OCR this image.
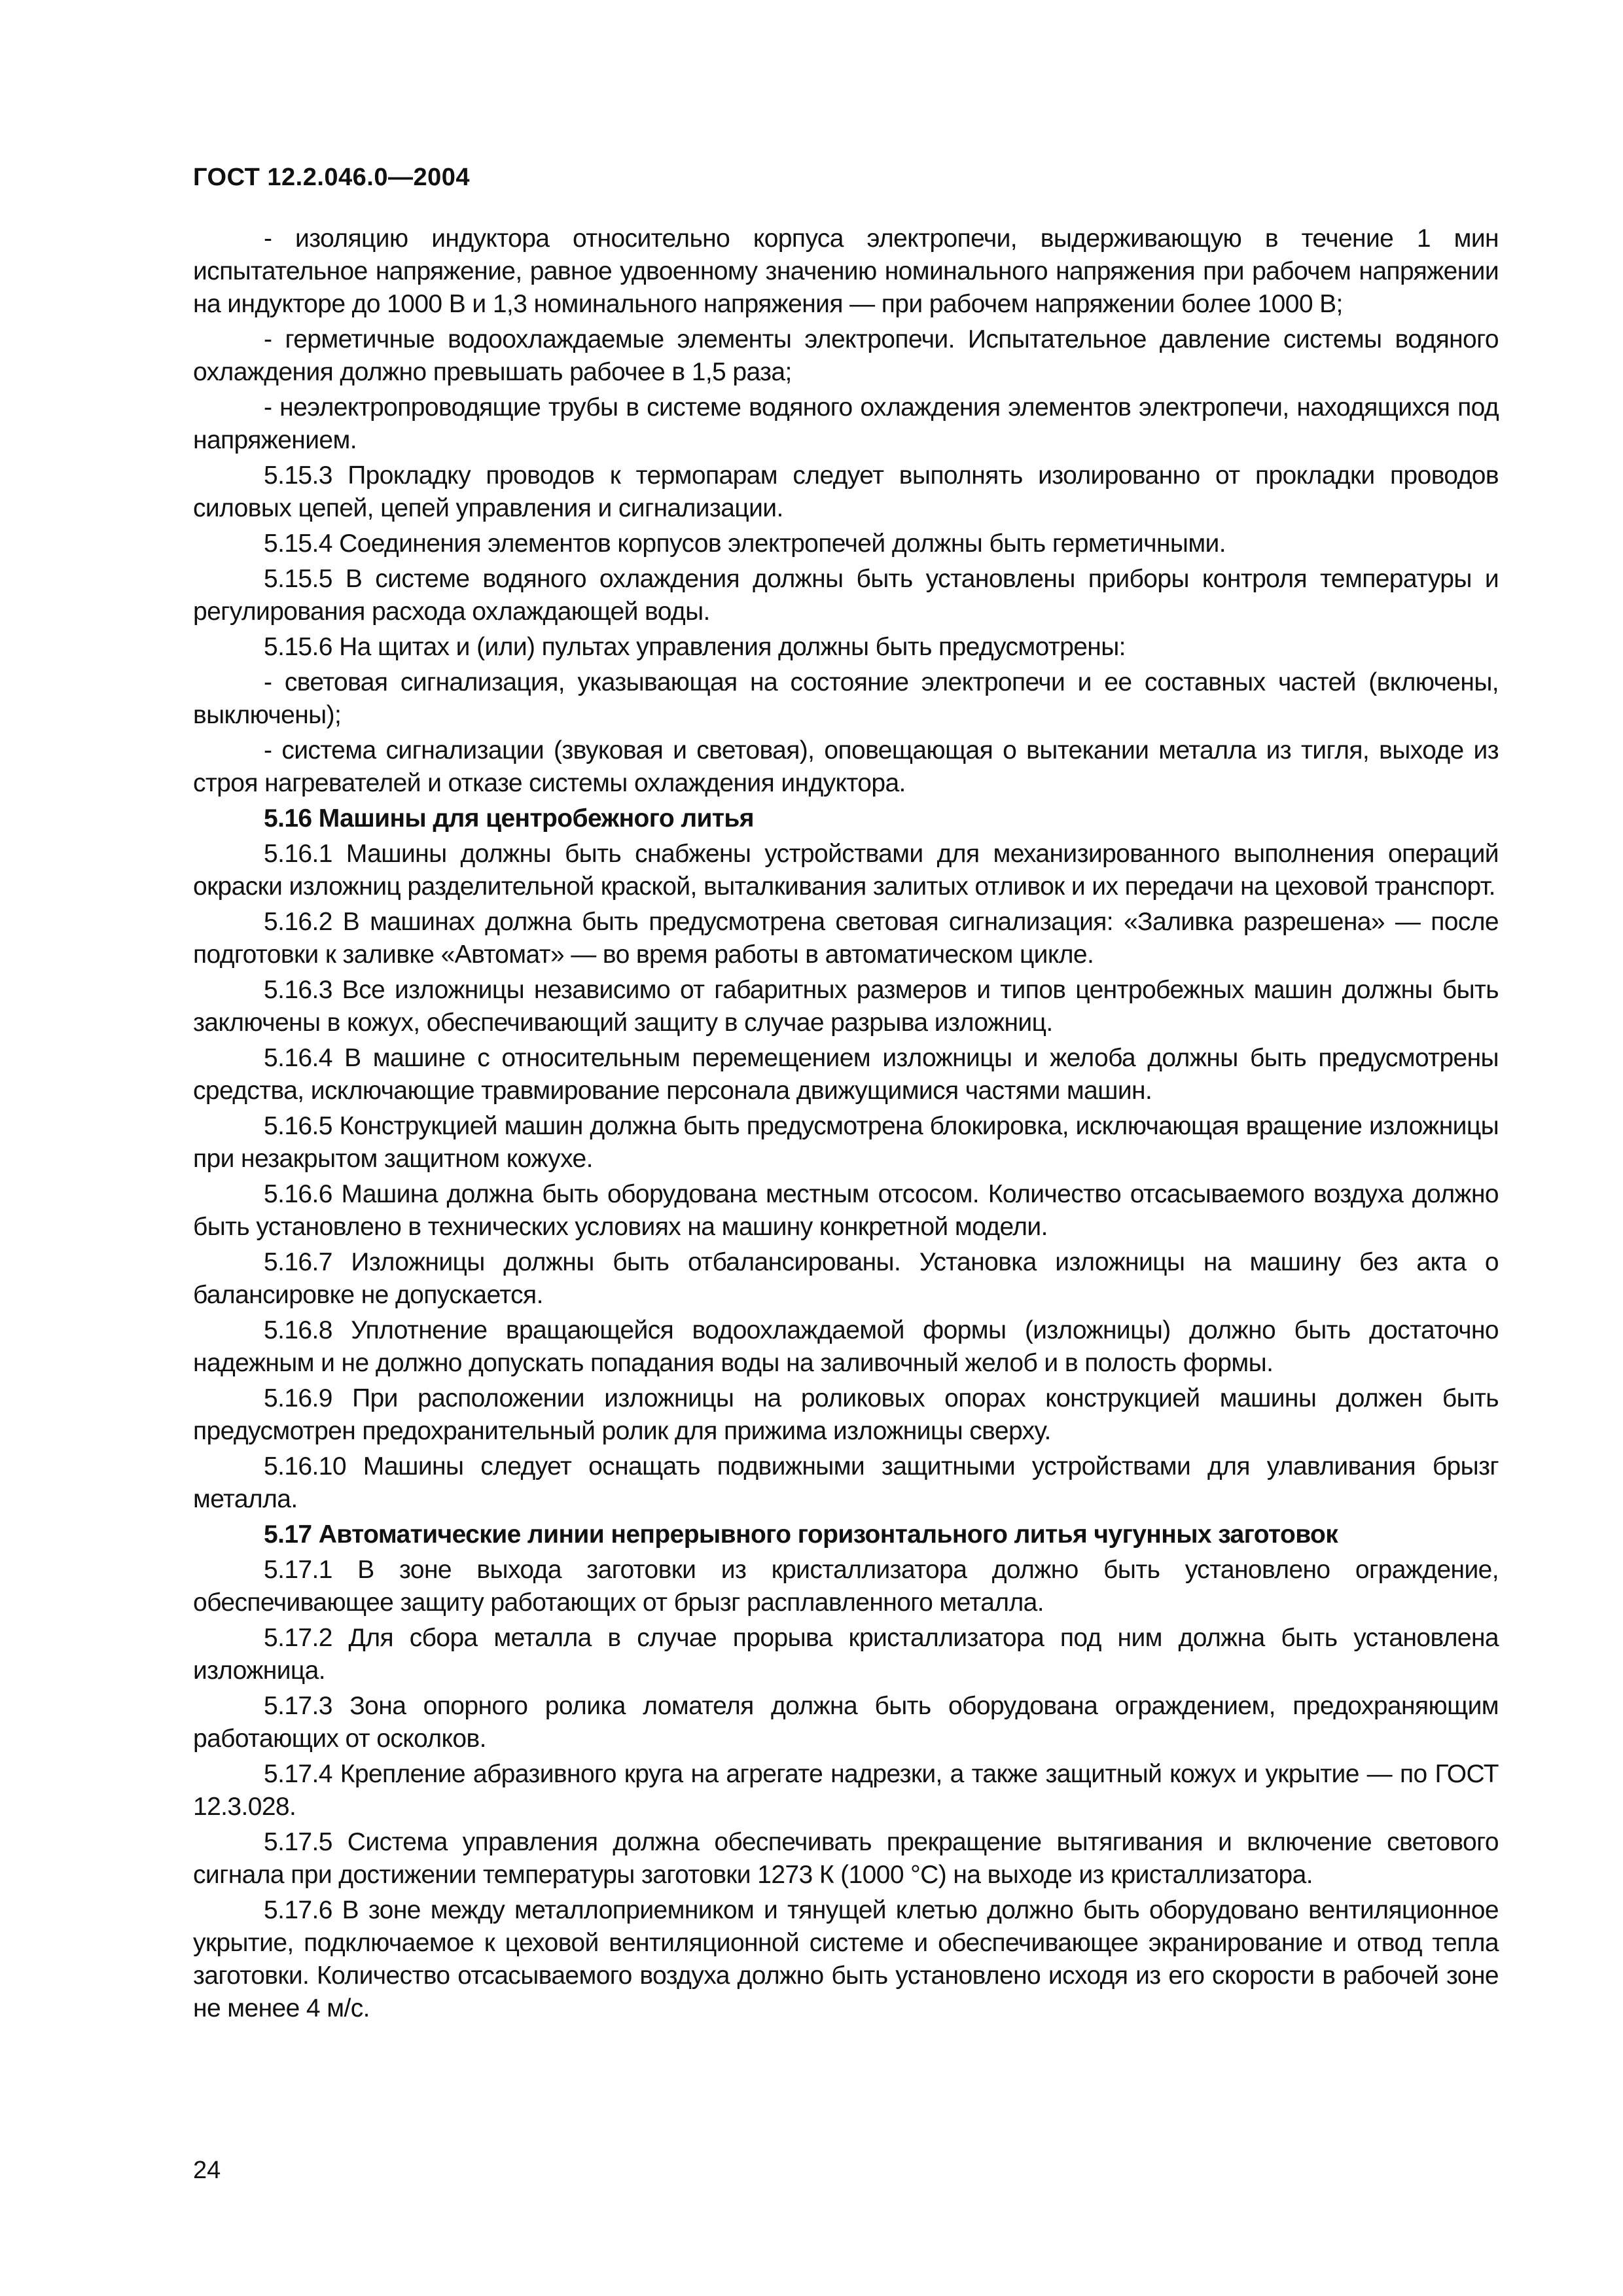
ГОСТ 12.2.046.0—2004

- изоляцию индуктора относительно корпуса электропечи, выдерживающую в течение 1 мин испытательное напряжение, равное удвоенному значению номинального напряжения при рабочем напряжении на индукторе до 1000 В и 1,3 номинального напряжения — при рабочем напряжении более 1000 В;

- герметичные водоохлаждаемые элементы электропечи. Испытательное давление системы водяного охлаждения должно превышать рабочее в 1,5 раза;

- неэлектропроводящие трубы в системе водяного охлаждения элементов электропечи, находящихся под напряжением.

5.15.3 Прокладку проводов к термопарам следует выполнять изолированно от прокладки проводов силовых цепей, цепей управления и сигнализации.

5.15.4 Соединения элементов корпусов электропечей должны быть герметичными.

5.15.5 В системе водяного охлаждения должны быть установлены приборы контроля температуры и регулирования расхода охлаждающей воды.

5.15.6 На щитах и (или) пультах управления должны быть предусмотрены:

- световая сигнализация, указывающая на состояние электропечи и ее составных частей (включены, выключены);

- система сигнализации (звуковая и световая), оповещающая о вытекании металла из тигля, выходе из строя нагревателей и отказе системы охлаждения индуктора.

5.16 Машины для центробежного литья

5.16.1 Машины должны быть снабжены устройствами для механизированного выполнения операций окраски изложниц разделительной краской, выталкивания залитых отливок и их передачи на цеховой транспорт.

5.16.2 В машинах должна быть предусмотрена световая сигнализация: «Заливка разрешена» — после подготовки к заливке «Автомат» — во время работы в автоматическом цикле.

5.16.3 Все изложницы независимо от габаритных размеров и типов центробежных машин должны быть заключены в кожух, обеспечивающий защиту в случае разрыва изложниц.

5.16.4 В машине с относительным перемещением изложницы и желоба должны быть предусмотрены средства, исключающие травмирование персонала движущимися частями машин.

5.16.5 Конструкцией машин должна быть предусмотрена блокировка, исключающая вращение изложницы при незакрытом защитном кожухе.

5.16.6 Машина должна быть оборудована местным отсосом. Количество отсасываемого воздуха должно быть установлено в технических условиях на машину конкретной модели.

5.16.7 Изложницы должны быть отбалансированы. Установка изложницы на машину без акта о балансировке не допускается.

5.16.8 Уплотнение вращающейся водоохлаждаемой формы (изложницы) должно быть достаточно надежным и не должно допускать попадания воды на заливочный желоб и в полость формы.

5.16.9 При расположении изложницы на роликовых опорах конструкцией машины должен быть предусмотрен предохранительный ролик для прижима изложницы сверху.

5.16.10 Машины следует оснащать подвижными защитными устройствами для улавливания брызг металла.

5.17 Автоматические линии непрерывного горизонтального литья чугунных заготовок

5.17.1 В зоне выхода заготовки из кристаллизатора должно быть установлено ограждение, обеспечивающее защиту работающих от брызг расплавленного металла.

5.17.2 Для сбора металла в случае прорыва кристаллизатора под ним должна быть установлена изложница.

5.17.3 Зона опорного ролика ломателя должна быть оборудована ограждением, предохраняющим работающих от осколков.

5.17.4 Крепление абразивного круга на агрегате надрезки, а также защитный кожух и укрытие — по ГОСТ 12.3.028.

5.17.5 Система управления должна обеспечивать прекращение вытягивания и включение светового сигнала при достижении температуры заготовки 1273 К (1000 °С) на выходе из кристаллизатора.

5.17.6 В зоне между металлоприемником и тянущей клетью должно быть оборудовано вентиляционное укрытие, подключаемое к цеховой вентиляционной системе и обеспечивающее экранирование и отвод тепла заготовки. Количество отсасываемого воздуха должно быть установлено исходя из его скорости в рабочей зоне не менее 4 м/с.

24
